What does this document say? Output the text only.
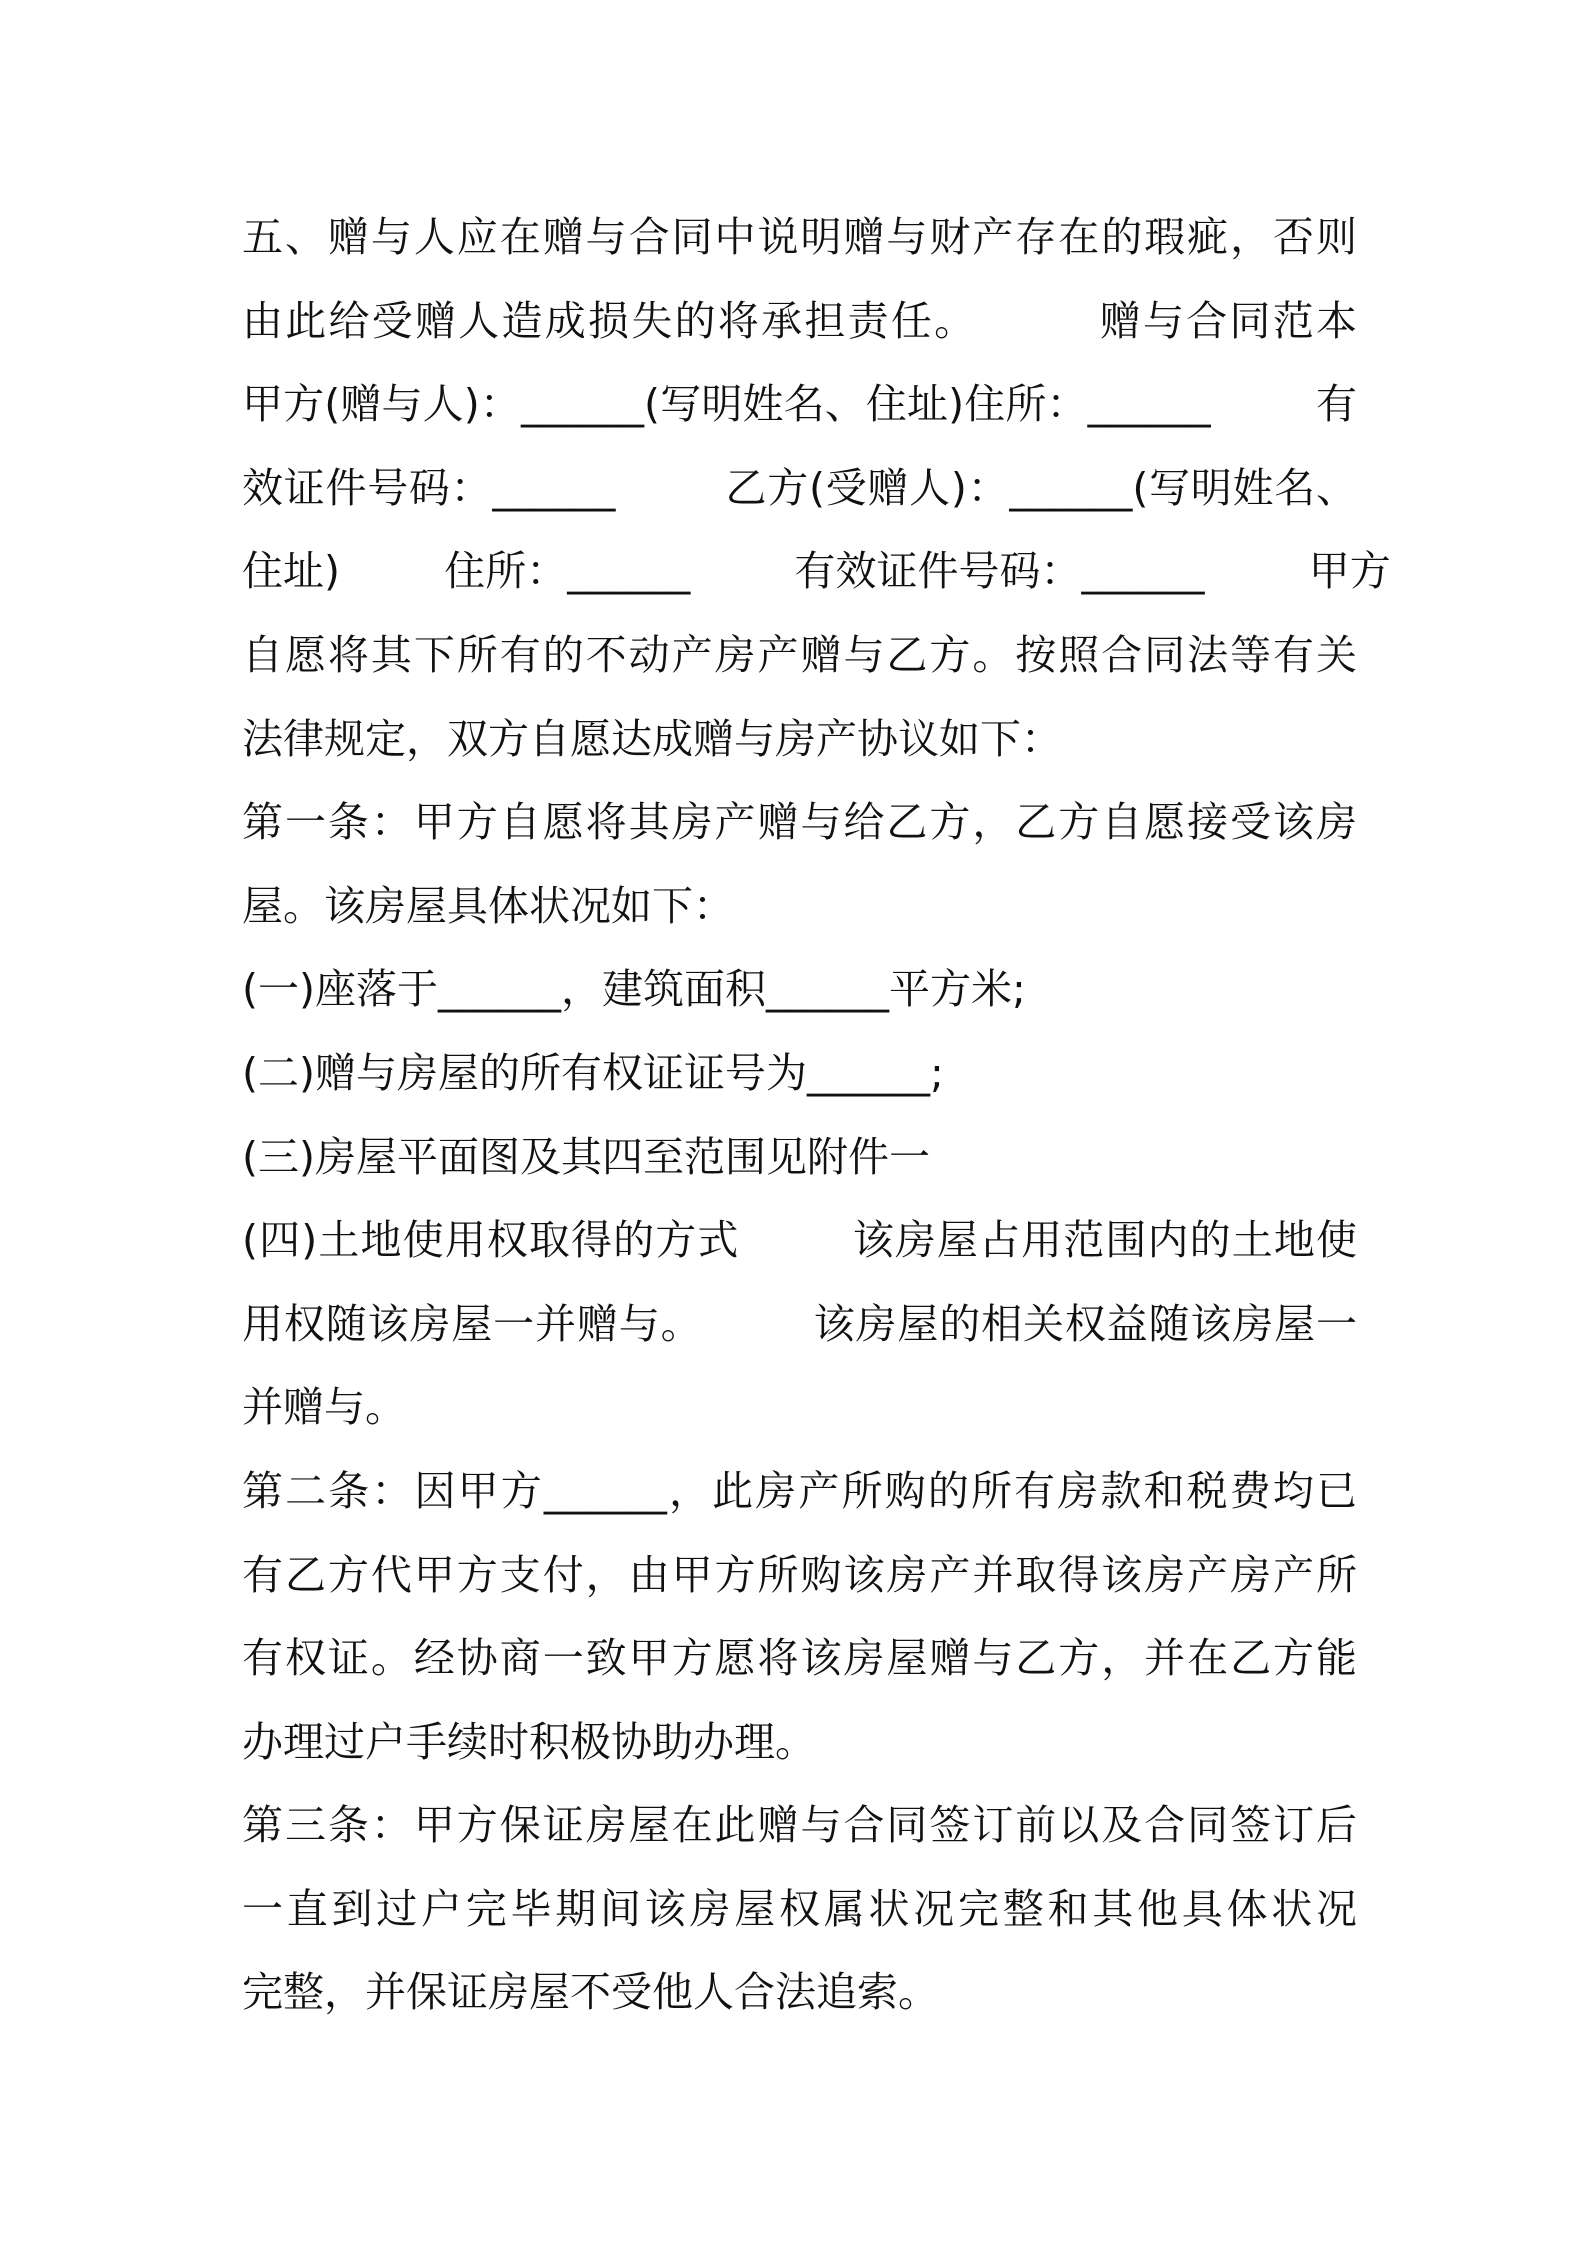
五、赠与人应在赠与合同中说明赠与财产存在的瑕疵，否则
由此给受赠人造成损失的将承担责任。        赠与合同范本
甲方(赠与人)：______(写明姓名、住址)住所：______        有
效证件号码：______        乙方(受赠人)：______(写明姓名、
住址)        住所：______        有效证件号码：______        甲方
自愿将其下所有的不动产房产赠与乙方。按照合同法等有关
法律规定，双方自愿达成赠与房产协议如下：
第一条：甲方自愿将其房产赠与给乙方，乙方自愿接受该房
屋。该房屋具体状况如下：
(一)座落于______，建筑面积______平方米;
(二)赠与房屋的所有权证证号为______;
(三)房屋平面图及其四至范围见附件一
(四)土地使用权取得的方式        该房屋占用范围内的土地使
用权随该房屋一并赠与。        该房屋的相关权益随该房屋一
并赠与。
第二条：因甲方______，此房产所购的所有房款和税费均已
有乙方代甲方支付，由甲方所购该房产并取得该房产房产所
有权证。经协商一致甲方愿将该房屋赠与乙方，并在乙方能
办理过户手续时积极协助办理。
第三条：甲方保证房屋在此赠与合同签订前以及合同签订后
一直到过户完毕期间该房屋权属状况完整和其他具体状况
完整，并保证房屋不受他人合法追索。
